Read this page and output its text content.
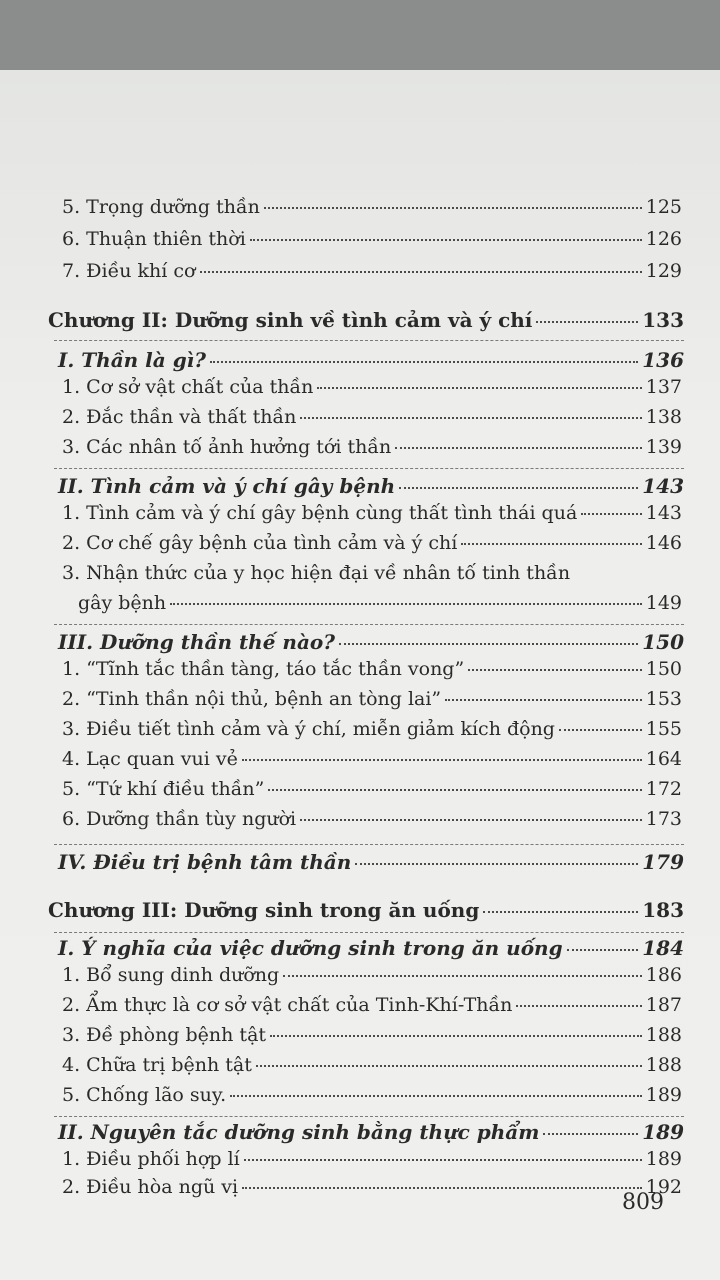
5. Trọng dưỡng thần	125
6. Thuận thiên thời	126
7. Điều khí cơ	129
Chương II: Dưỡng sinh về tình cảm và ý chí	133
I. Thần là gì?	136
1. Cơ sở vật chất của thần	137
2. Đắc thần và thất thần	138
3. Các nhân tố ảnh hưởng tới thần	139
II. Tình cảm và ý chí gây bệnh	143
1. Tình cảm và ý chí gây bệnh cùng thất tình thái quá	143
2. Cơ chế gây bệnh của tình cảm và ý chí	146
3. Nhận thức của y học hiện đại về nhân tố tinh thần
gây bệnh	149
III. Dưỡng thần thế nào?	150
1. “Tĩnh tắc thần tàng, táo tắc thần vong”	150
2. “Tinh thần nội thủ, bệnh an tòng lai”	153
3. Điều tiết tình cảm và ý chí, miễn giảm kích động	155
4. Lạc quan vui vẻ	164
5. “Tứ khí điều thần”	172
6. Dưỡng thần tùy người	173
IV. Điều trị bệnh tâm thần	179
Chương III: Dưỡng sinh trong ăn uống	183
I. Ý nghĩa của việc dưỡng sinh trong ăn uống	184
1. Bổ sung dinh dưỡng	186
2. Ẩm thực là cơ sở vật chất của Tinh-Khí-Thần	187
3. Đề phòng bệnh tật	188
4. Chữa trị bệnh tật	188
5. Chống lão suy.	189
II. Nguyên tắc dưỡng sinh bằng thực phẩm	189
1. Điều phối hợp lí	189
2. Điều hòa ngũ vị	192
809
